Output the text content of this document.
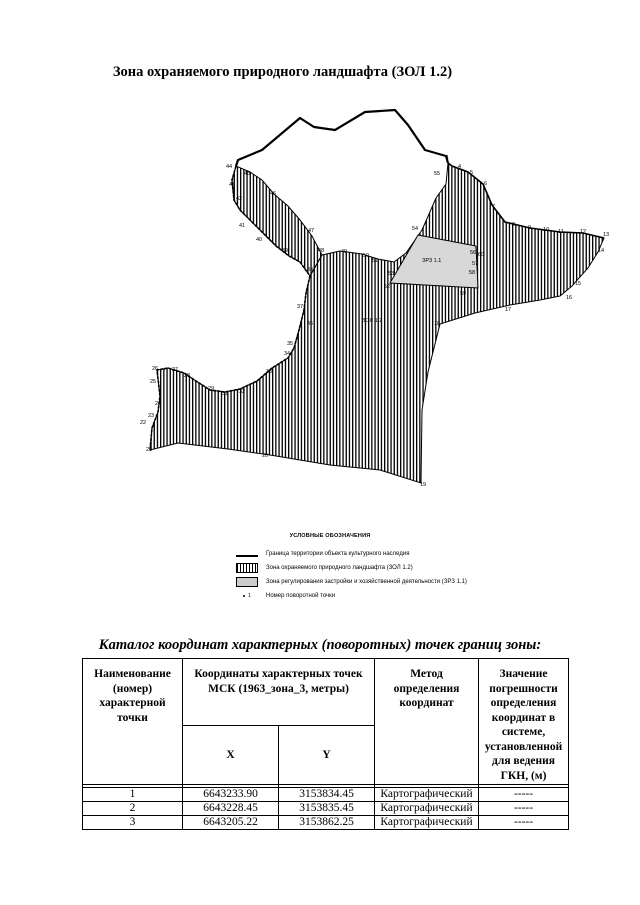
Зона охраняемого природного ландшафта (ЗОЛ 1.2)
ЗОЛ 1.2
ЗРЗ 1.1
1
4
5
6
7
8 9 10 11	12	13
14
15
16
17
18
19
20
21
22
23
24
25
26	27
28
29
31 32
33
34
35
36
37
38
39
40
41
42
43
44
45
46
47
48	49
50
51
52
53
54
55
56
57
58
59
60
УСЛОВНЫЕ ОБОЗНАЧЕНИЯ
Граница территории объекта культурного наследия
Зона охраняемого природного ландшафта (ЗОЛ 1.2)
Зона регулирования застройки и хозяйственной деятельности (ЗРЗ 1.1)
1	Номер поворотной точки
Каталог координат характерных (поворотных) точек границ зоны:
Наименование (номер) характерной точки	Координаты характерных точек МСК (1963_зона_3, метры)		Метод определения координат	Значение погрешности определения координат в системе, установленной для ведения ГКН, (м)
	X	Y		

1	6643233.90	3153834.45	Картографический	-----
2	6643228.45	3153835.45	Картографический	-----
3	6643205.22	3153862.25	Картографический	-----
